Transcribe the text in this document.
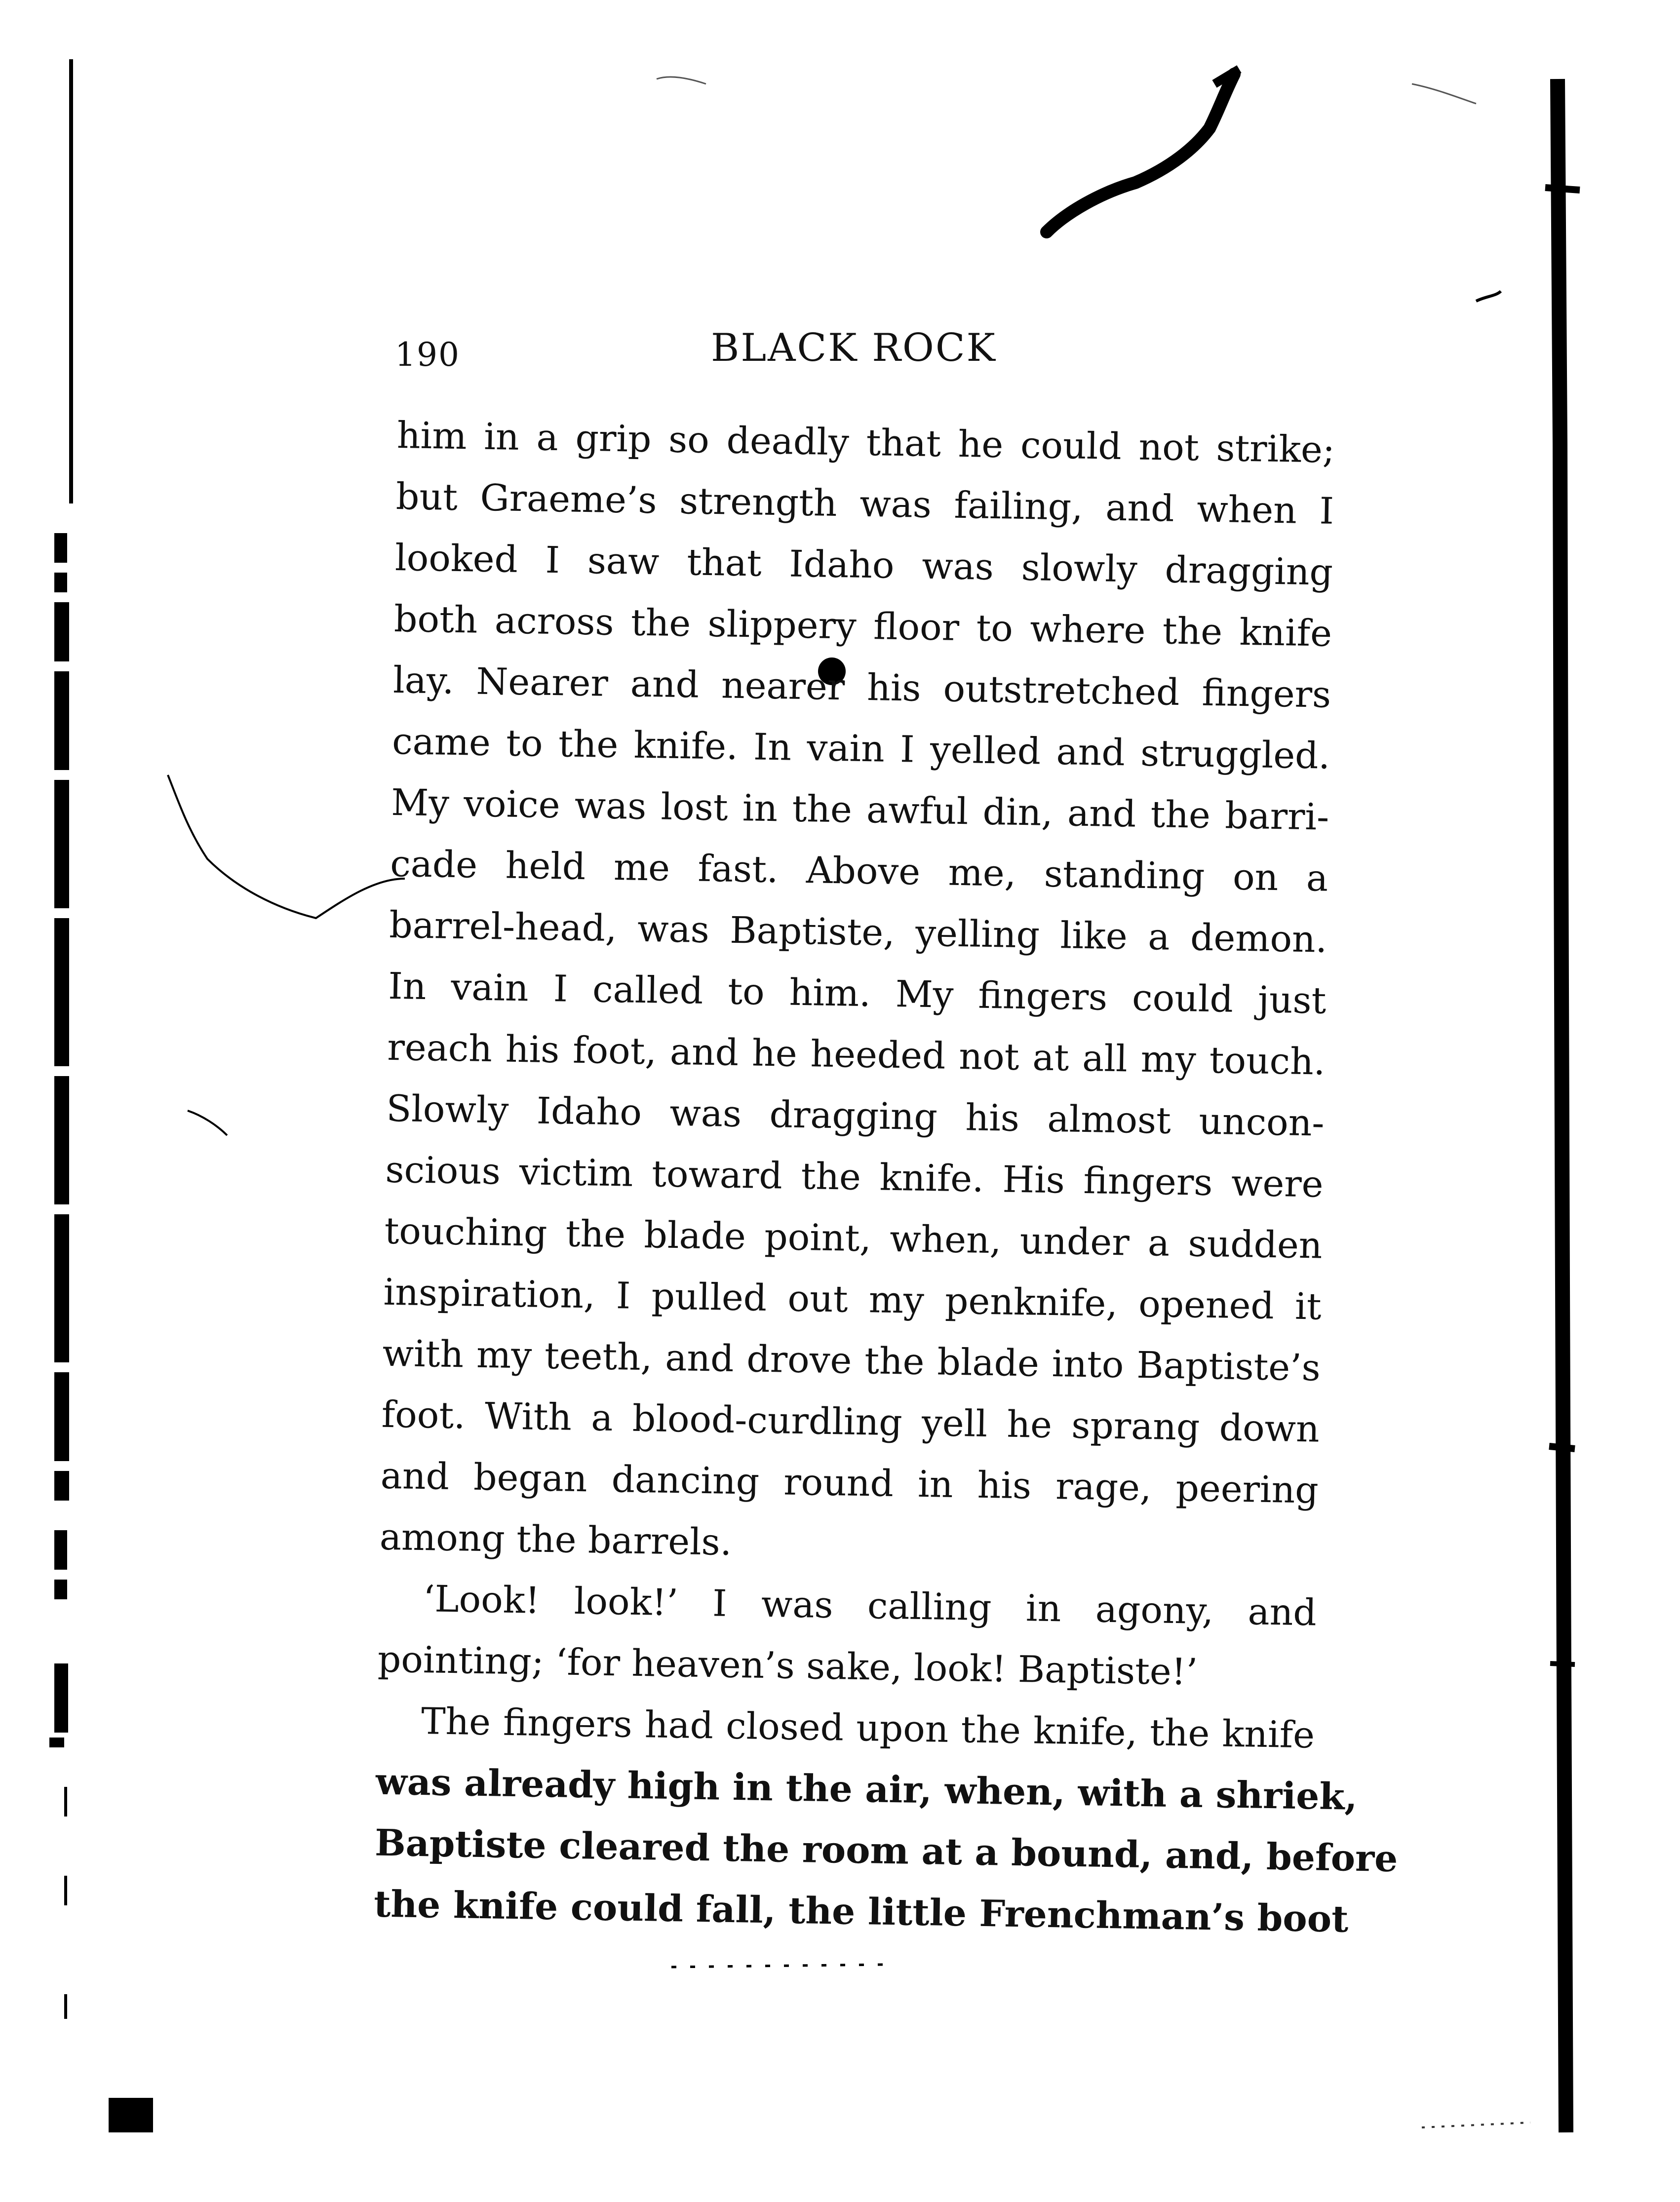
190	BLACK ROCK
him in a grip so deadly that he could not strike;
but Graeme’s strength was failing, and when I
looked I saw that Idaho was slowly dragging
both across the slippery floor to where the knife
lay. Nearer and nearer his outstretched fingers
came to the knife. In vain I yelled and struggled.
My voice was lost in the awful din, and the barri-
cade held me fast. Above me, standing on a
barrel-head, was Baptiste, yelling like a demon.
In vain I called to him. My fingers could just
reach his foot, and he heeded not at all my touch.
Slowly Idaho was dragging his almost uncon-
scious victim toward the knife. His fingers were
touching the blade point, when, under a sudden
inspiration, I pulled out my penknife, opened it
with my teeth, and drove the blade into Baptiste’s
foot. With a blood-curdling yell he sprang down
and began dancing round in his rage, peering
among the barrels.
‘Look! look!’ I was calling in agony, and
pointing; ‘for heaven’s sake, look! Baptiste!’
The fingers had closed upon the knife, the knife
was already high in the air, when, with a shriek,
Baptiste cleared the room at a bound, and, before
the knife could fall, the little Frenchman’s boot
